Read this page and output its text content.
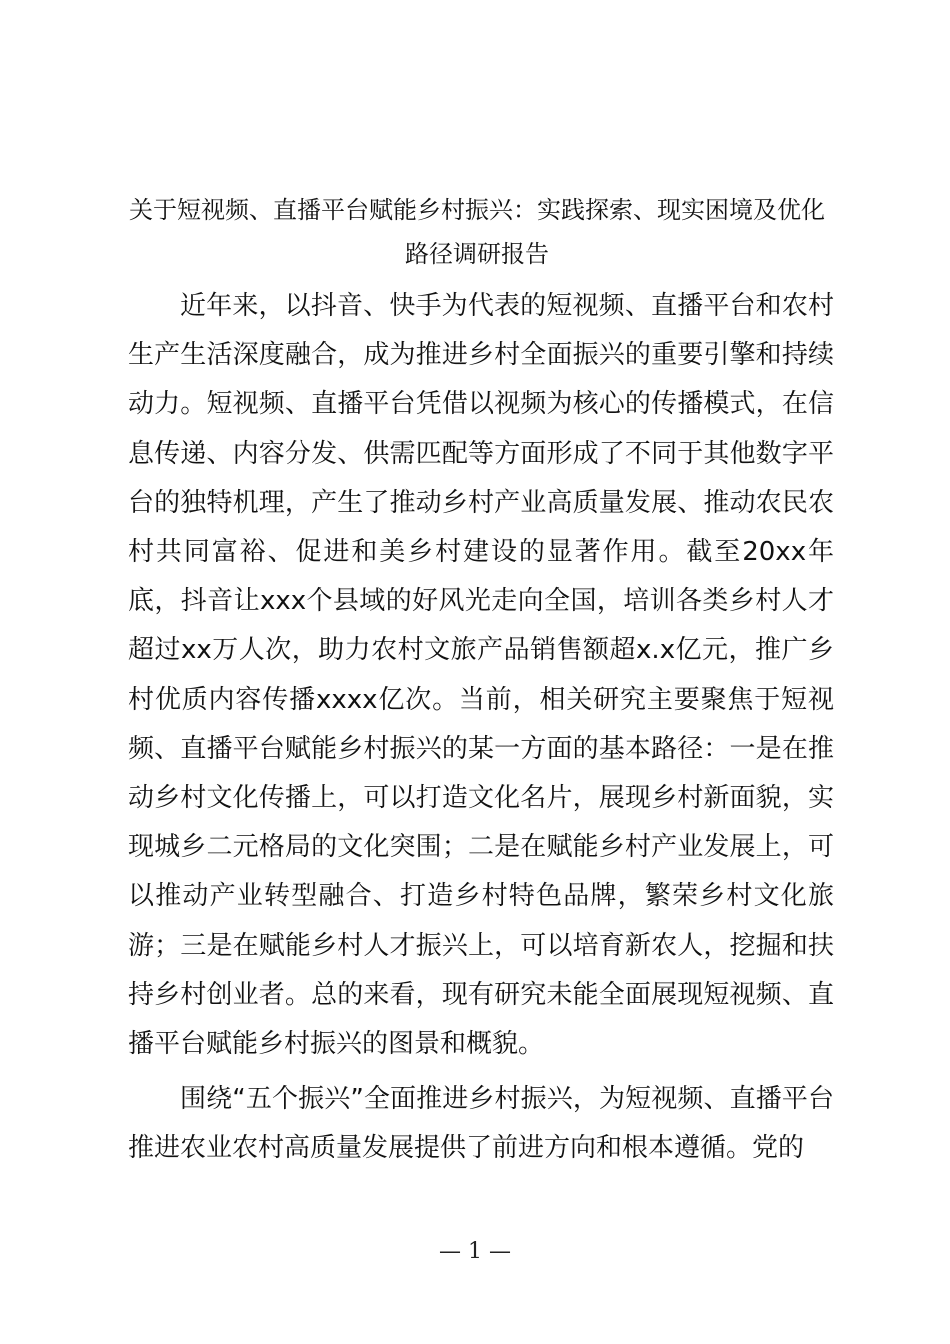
关于短视频、直播平台赋能乡村振兴：实践探索、现实困境及优化路径调研报告

近年来，以抖音、快手为代表的短视频、直播平台和农村生产生活深度融合，成为推进乡村全面振兴的重要引擎和持续动力。短视频、直播平台凭借以视频为核心的传播模式，在信息传递、内容分发、供需匹配等方面形成了不同于其他数字平台的独特机理，产生了推动乡村产业高质量发展、推动农民农村共同富裕、促进和美乡村建设的显著作用。截至20xx年底，抖音让xxx个县域的好风光走向全国，培训各类乡村人才超过xx万人次，助力农村文旅产品销售额超x.x亿元，推广乡村优质内容传播xxxx亿次。当前，相关研究主要聚焦于短视频、直播平台赋能乡村振兴的某一方面的基本路径：一是在推动乡村文化传播上，可以打造文化名片，展现乡村新面貌，实现城乡二元格局的文化突围；二是在赋能乡村产业发展上，可以推动产业转型融合、打造乡村特色品牌，繁荣乡村文化旅游；三是在赋能乡村人才振兴上，可以培育新农人，挖掘和扶持乡村创业者。总的来看，现有研究未能全面展现短视频、直播平台赋能乡村振兴的图景和概貌。

围绕“五个振兴”全面推进乡村振兴，为短视频、直播平台推进农业农村高质量发展提供了前进方向和根本遵循。党的

— 1 —
